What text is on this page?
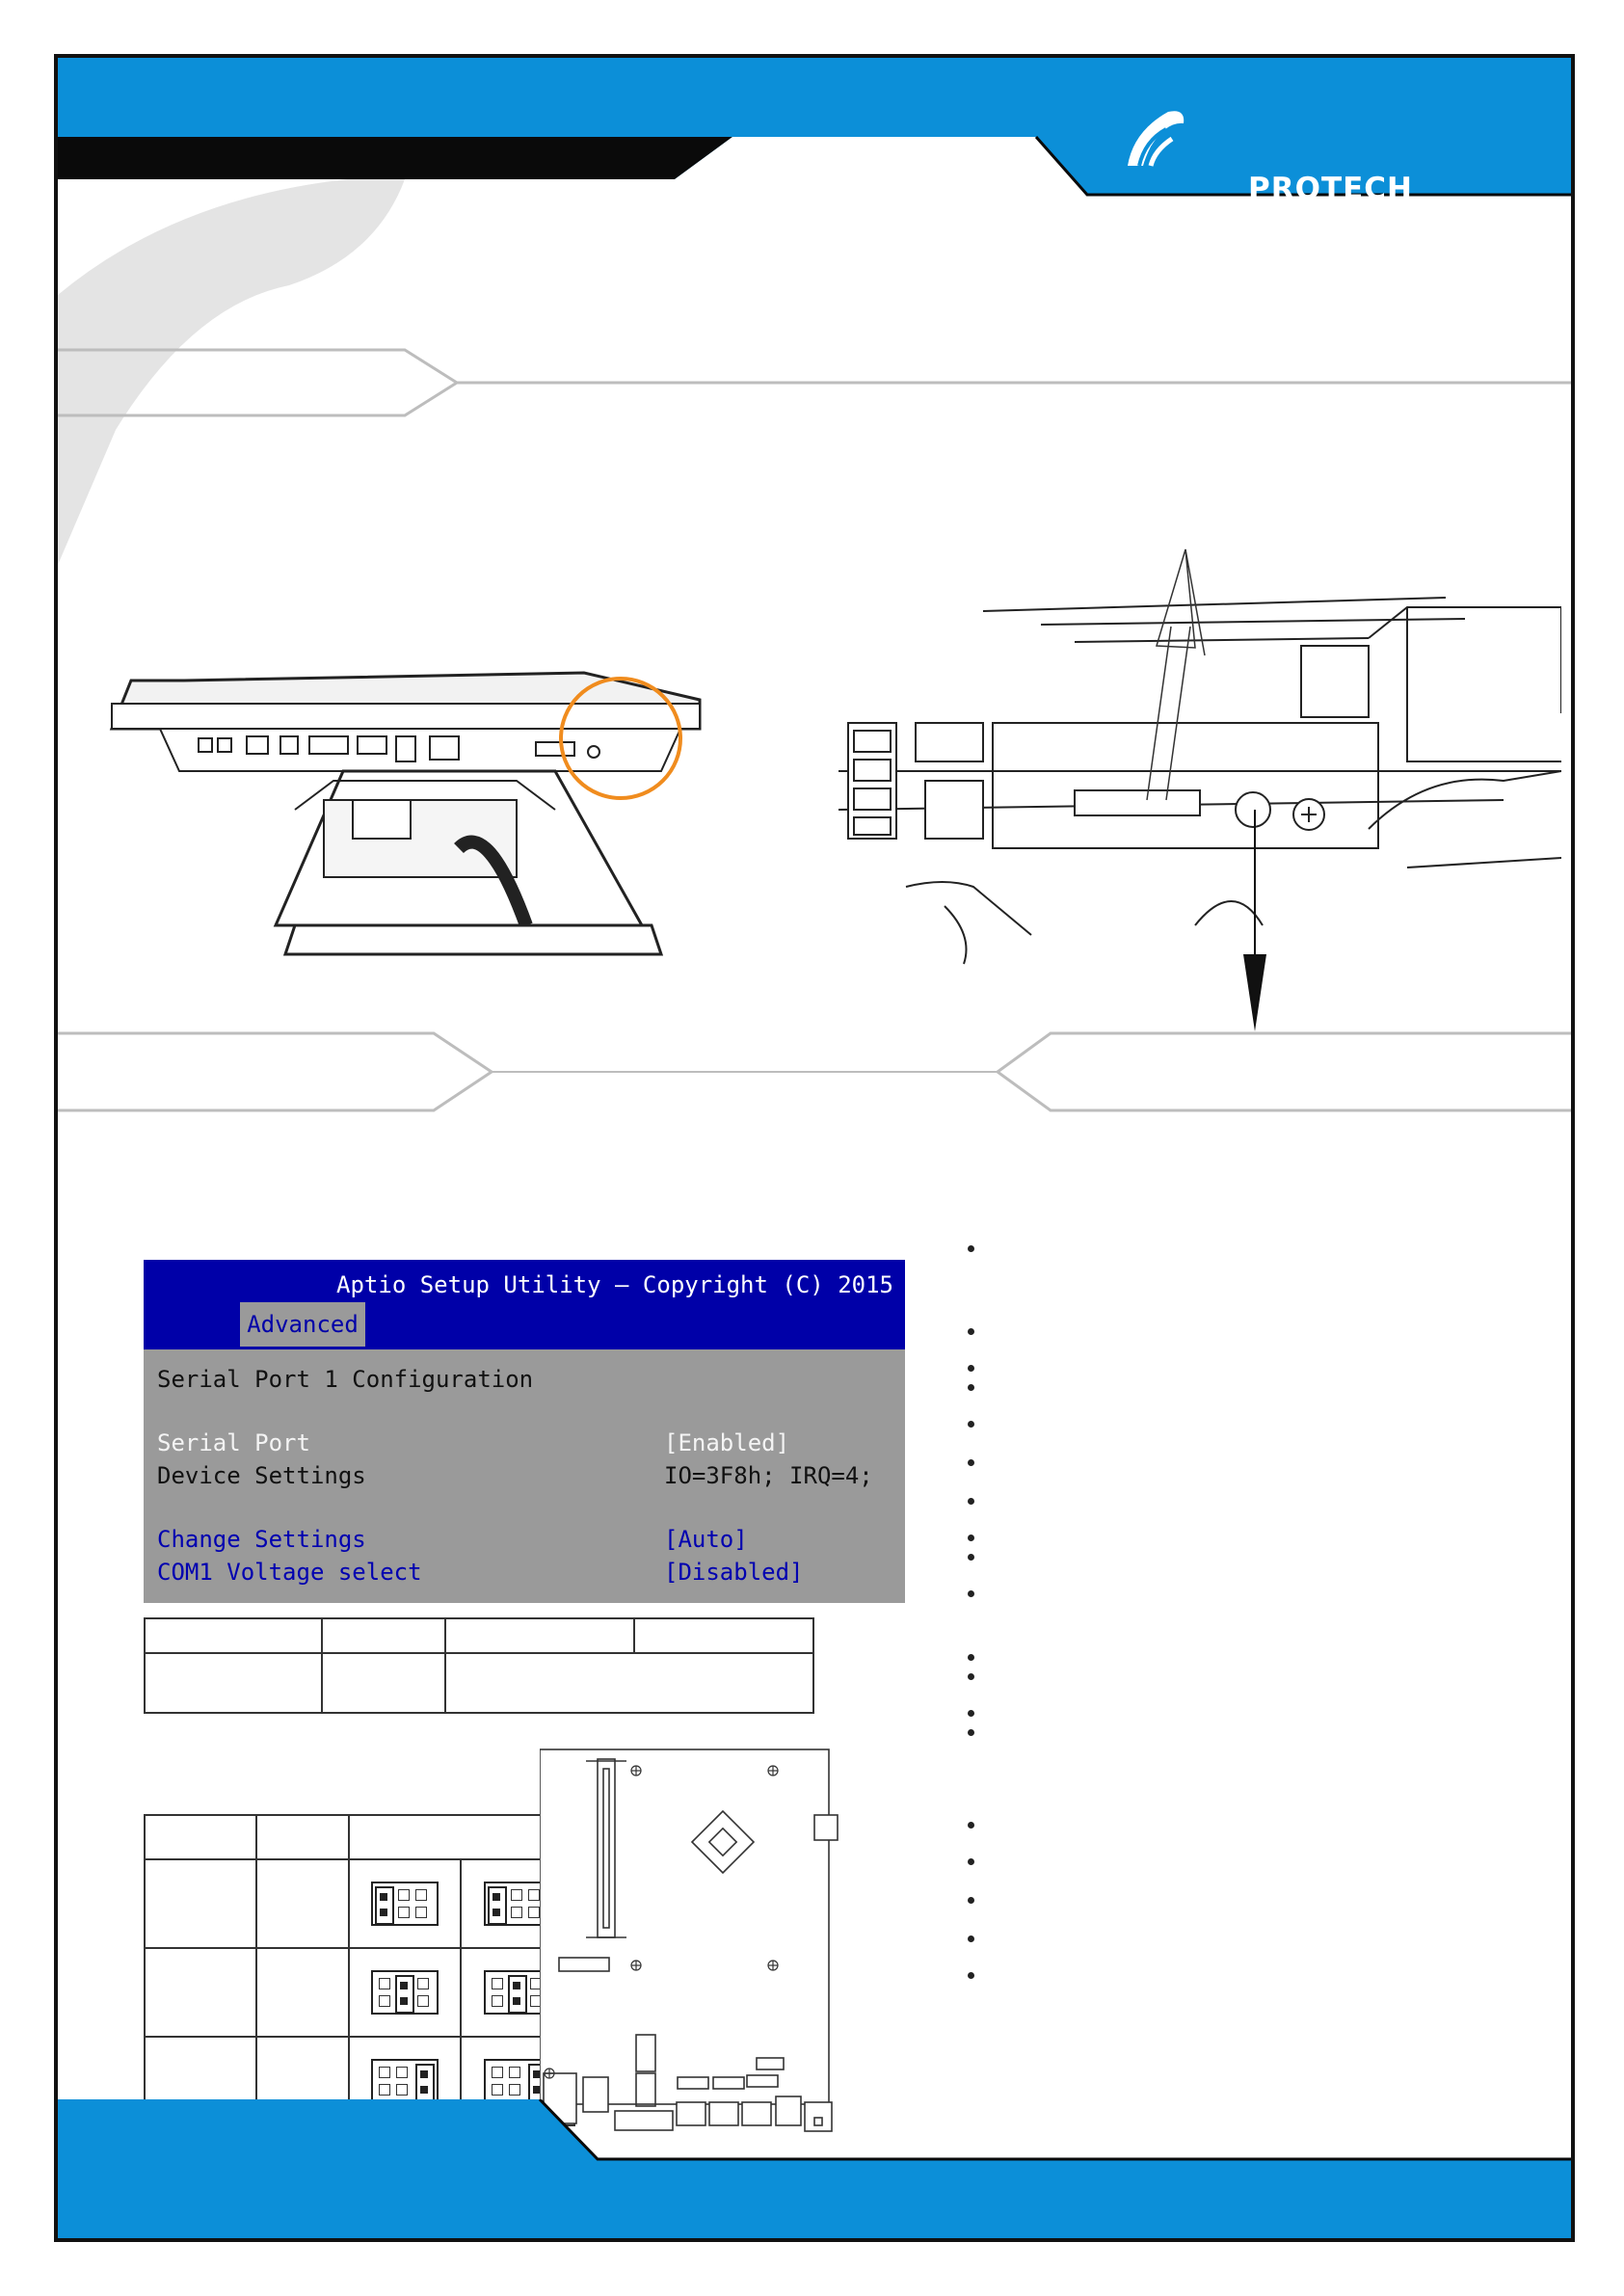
PROTECH SYSTEMS It's the right choice
Aptio Setup Utility – Copyright (C) 2015
Advanced
Serial Port 1 Configuration
Serial Port	[Enabled]
Device Settings	IO=3F8h; IRQ=4;
Change Settings	[Auto]
COM1 Voltage select	[Disabled]
